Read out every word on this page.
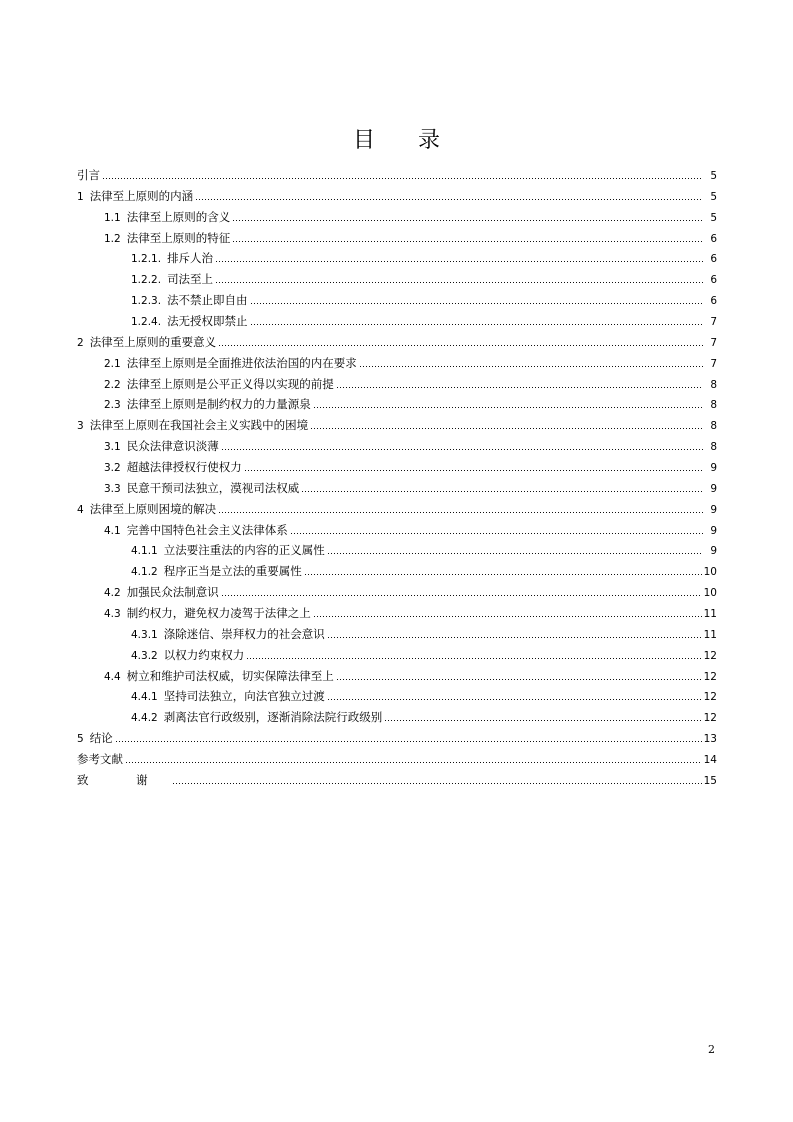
目 录
引言	5
1 法律至上原则的内涵	5
1.1 法律至上原则的含义	5
1.2 法律至上原则的特征	6
1.2.1. 排斥人治	6
1.2.2. 司法至上	6
1.2.3. 法不禁止即自由	6
1.2.4. 法无授权即禁止	7
2 法律至上原则的重要意义	7
2.1 法律至上原则是全面推进依法治国的内在要求	7
2.2 法律至上原则是公平正义得以实现的前提	8
2.3 法律至上原则是制约权力的力量源泉	8
3 法律至上原则在我国社会主义实践中的困境	8
3.1 民众法律意识淡薄	8
3.2 超越法律授权行使权力	9
3.3 民意干预司法独立，漠视司法权威	9
4 法律至上原则困境的解决	9
4.1 完善中国特色社会主义法律体系	9
4.1.1 立法要注重法的内容的正义属性	9
4.1.2 程序正当是立法的重要属性	10
4.2 加强民众法制意识	10
4.3 制约权力，避免权力凌驾于法律之上	11
4.3.1 涤除迷信、崇拜权力的社会意识	11
4.3.2 以权力约束权力	12
4.4 树立和维护司法权威，切实保障法律至上	12
4.4.1 坚持司法独立，向法官独立过渡	12
4.4.2 剥离法官行政级别，逐渐消除法院行政级别	12
5 结论	13
参考文献	14
致 谢	15
2
